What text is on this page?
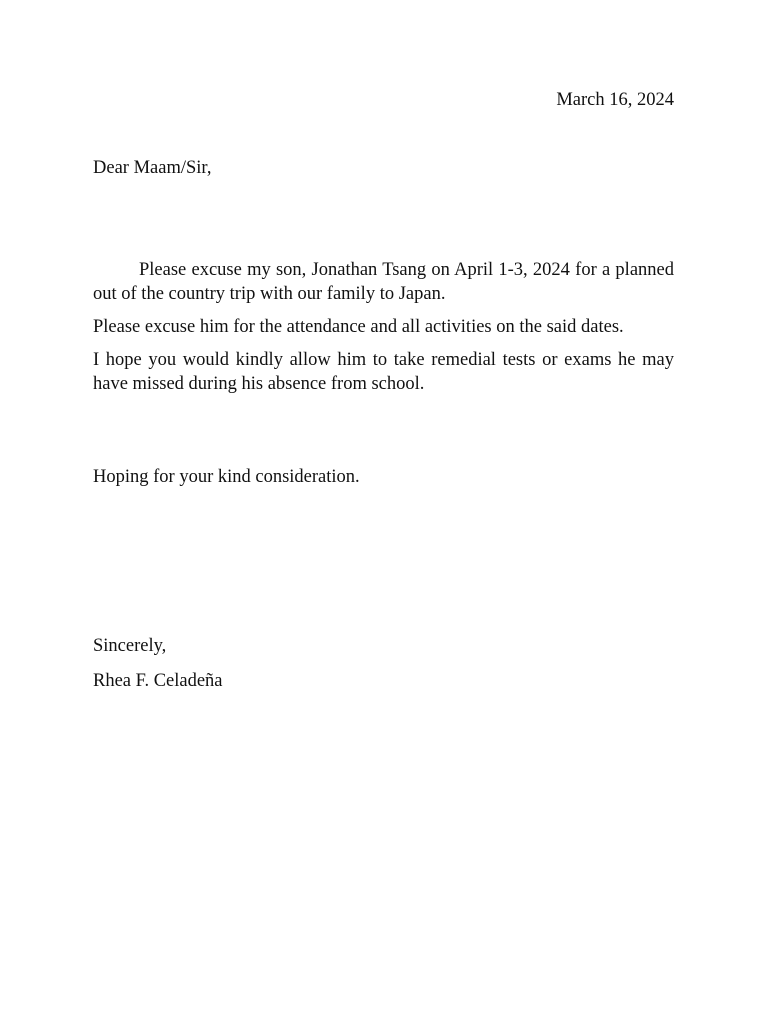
March 16, 2024

Dear Maam/Sir,

Please excuse my son, Jonathan Tsang on April 1-3, 2024 for a planned out of the country trip with our family to Japan.

Please excuse him for the attendance and all activities on the said dates.

I hope you would kindly allow him to take remedial tests or exams he may have missed during his absence from school.

Hoping for your kind consideration.

Sincerely,

Rhea F. Celadeña
